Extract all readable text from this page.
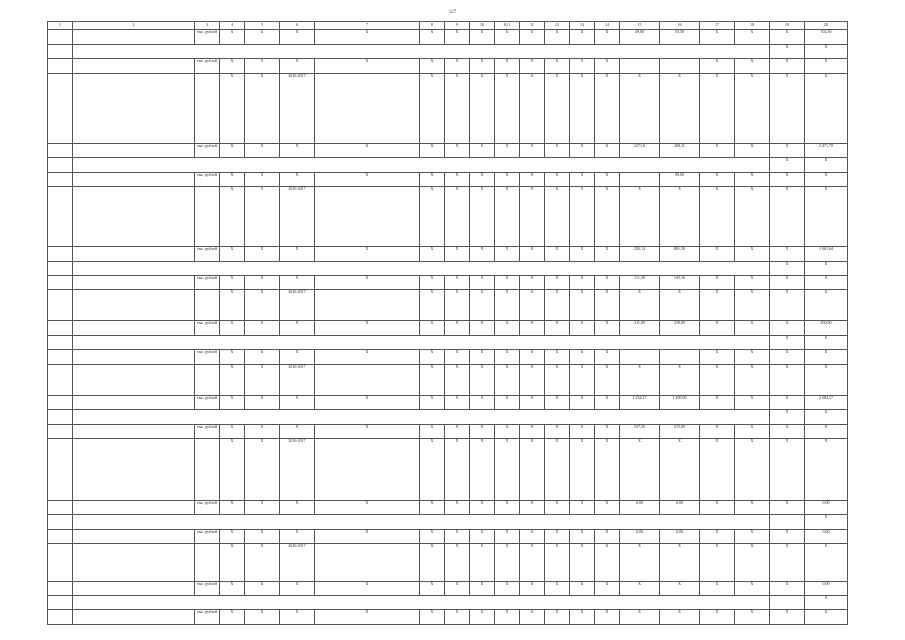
127
1	2	3	4	5	6	7	8	9	10	10.1	11	12	13	14	15	16	17	18	19	20
		тыс. рублей	X	X	X	X	X	X	X	X	X	X	X	X	49,00	53,50	X	X	X	102,50
																			X	X
		тыс. рублей	X	X	X	X	X	X	X	X	X	X	X	X			X	X	X	X
			X	X	2016-2017		X	X	X	X	X	X	X	X	X	X	X	X	X	X
		тыс. рублей	X	X	X	X	X	X	X	X	X	X	X	X	2271,6	200,11	X	X	X	2 471,70
																			X	X
		тыс. рублей	X	X	X	X	X	X	X	X	X	X	X	X		88,00	X	X	X	X
			X	X	2016-2017		X	X	X	X	X	X	X	X	X	X	X	X	X	X
		тыс. рублей	X	X	X	X	X	X	X	X	X	X	X	X	250,14	801,50	X	X	X	1 061,64
																			X	X
		тыс. рублей	X	X	X	X	X	X	X	X	X	X	X	X	111,40	145,50	X	X	X	X
			X	X	2016-2017		X	X	X	X	X	X	X	X	X	X	X	X	X	X
		тыс. рублей	X	X	X	X	X	X	X	X	X	X	X	X	211,00	239,00	X	X	X	450,00
																			X	X
		тыс. рублей	X	X	X	X	X	X	X	X	X	X	X	X			X	X	X	X
			X	X	2016-2017		X	X	X	X	X	X	X	X	X	X	X	X	X	X
		тыс. рублей	X	X	X	X	X	X	X	X	X	X	X	X	1 234,17	1 450,00	X	X	X	2 684,17
																			X	X
		тыс. рублей	X	X	X	X	X	X	X	X	X	X	X	X	537,50	615,00	X	X	X	X
			X	X	2016-2017		X	X	X	X	X	X	X	X	X	X	X	X	X	X
		тыс. рублей	X	X	X	X	X	X	X	X	X	X	X	X	0,00	0,00	X	X	X	0,00
																				X
		тыс. рублей	X	X	X	X	X	X	X	X	X	X	X	X	0,00	0,00	X	X	X	0,00
			X	X	2016-2017		X	X	X	X	X	X	X	X	X	X	X	X	X	X
		тыс. рублей	X	X	X	X	X	X	X	X	X	X	X	X	X	X	X	X	X	0,00
																				X
		тыс. рублей	X	X	X	X	X	X	X	X	X	X	X	X	X	X	X	X	X	X
